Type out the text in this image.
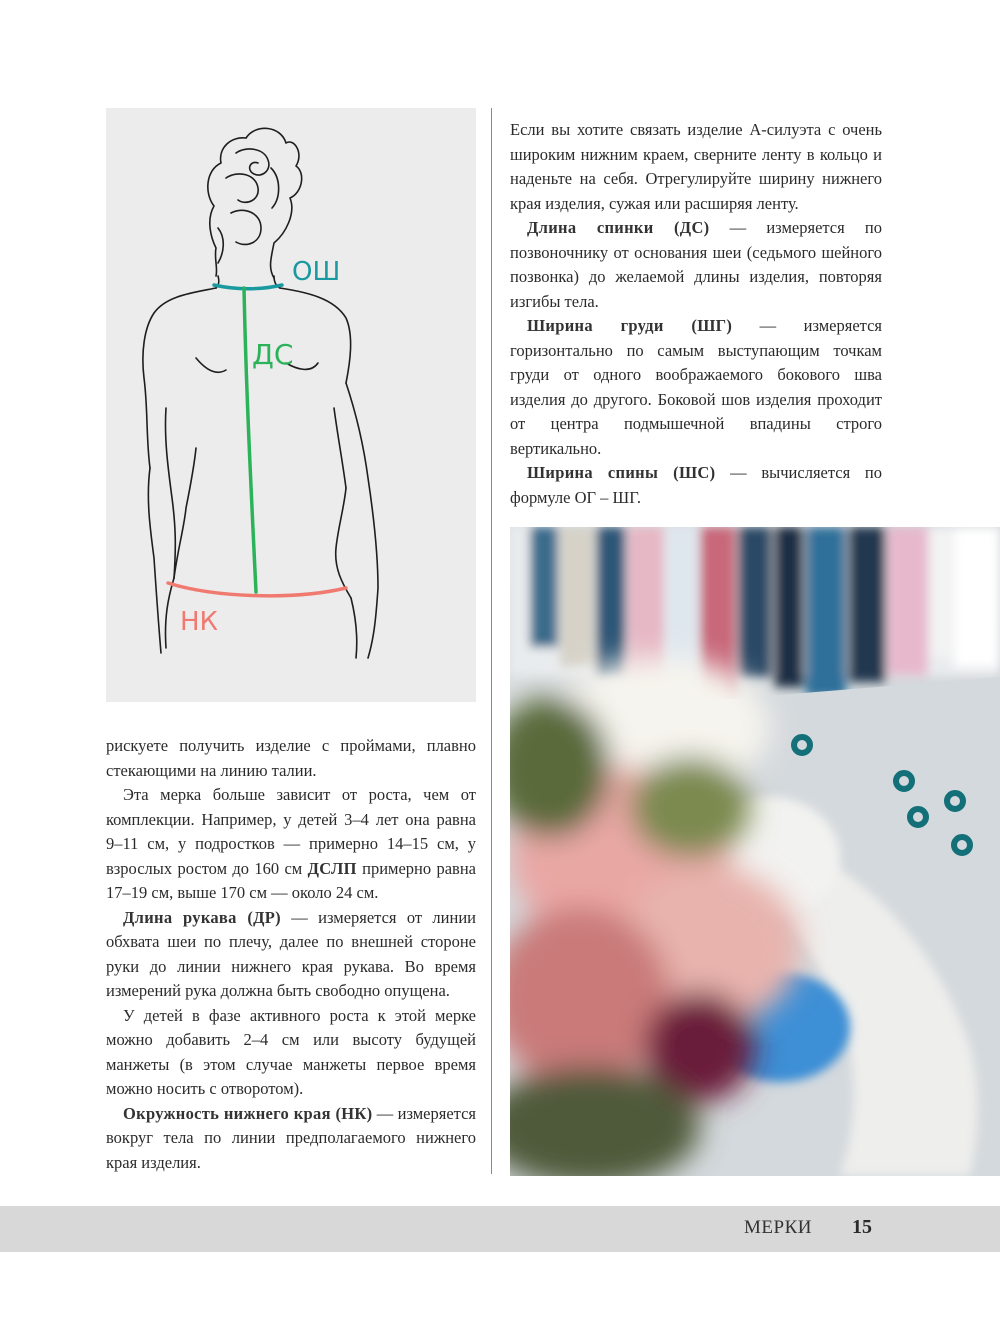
ОШ
ДС
НК

Если вы хотите связать изделие А-силуэта с очень широким нижним краем, сверните ленту в кольцо и наденьте на себя. Отрегулируйте ширину нижнего края изделия, сужая или расширяя ленту.

Длина спинки (ДС) — измеряется по позвоночнику от основания шеи (седьмого шейного позвонка) до желаемой длины изделия, повторяя изгибы тела.

Ширина груди (ШГ) — измеряется горизонтально по самым выступающим точкам груди от одного воображаемого бокового шва изделия до другого. Боковой шов изделия проходит от центра подмышечной впадины строго вертикально.

Ширина спины (ШС) — вычисляется по формуле ОГ – ШГ.

рискуете получить изделие с проймами, плавно стекающими на линию талии.

Эта мерка больше зависит от роста, чем от комплекции. Например, у детей 3–4 лет она равна 9–11 см, у подростков — примерно 14–15 см, у взрослых ростом до 160 см ДСЛП примерно равна 17–19 см, выше 170 см — около 24 см.

Длина рукава (ДР) — измеряется от линии обхвата шеи по плечу, далее по внешней стороне руки до линии нижнего края рукава. Во время измерений рука должна быть свободно опущена.

У детей в фазе активного роста к этой мерке можно добавить 2–4 см или высоту будущей манжеты (в этом случае манжеты первое время можно носить с отворотом).

Окружность нижнего края (НК) — измеряется вокруг тела по линии предполагаемого нижнего края изделия.

МЕРКИ 15
